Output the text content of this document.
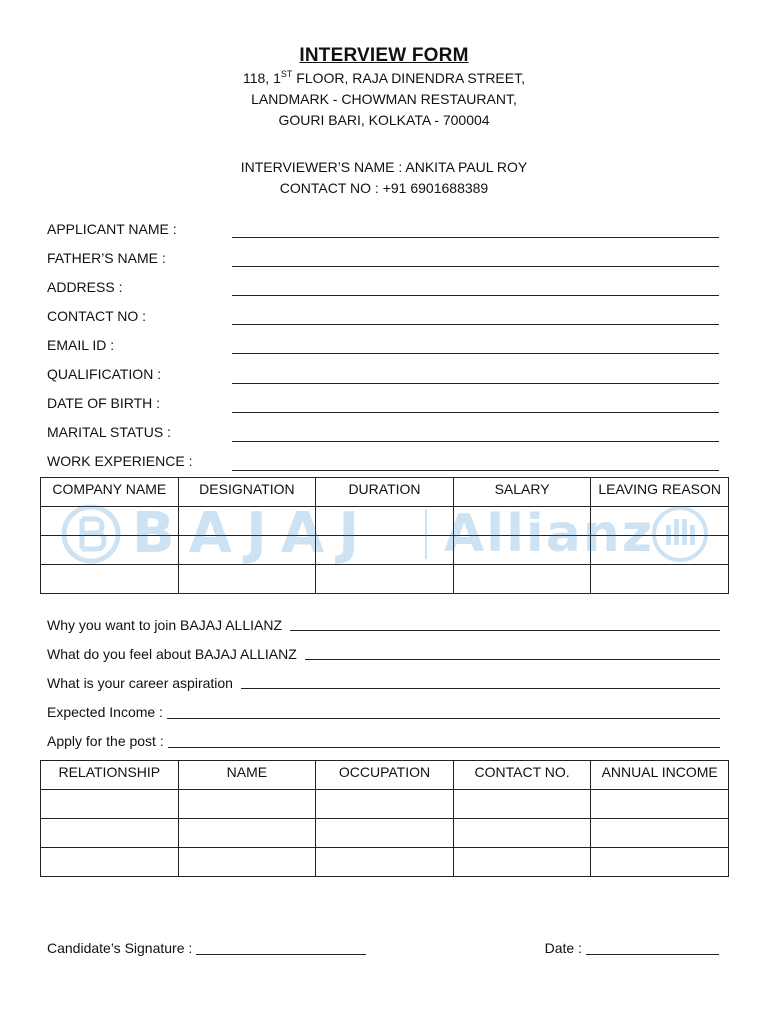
INTERVIEW FORM
118, 1ST FLOOR, RAJA DINENDRA STREET,
LANDMARK - CHOWMAN RESTAURANT,
GOURI BARI, KOLKATA - 700004
INTERVIEWER’S NAME : ANKITA PAUL ROY
CONTACT NO : +91 6901688389
APPLICANT NAME :
FATHER’S NAME :
ADDRESS :
CONTACT NO :
EMAIL ID :
QUALIFICATION :
DATE OF BIRTH :
MARITAL STATUS :
WORK EXPERIENCE :
COMPANY NAME	DESIGNATION	DURATION	SALARY	LEAVING REASON

BAJAJ Allianz
Why you want to join BAJAJ ALLIANZ
What do you feel about BAJAJ ALLIANZ
What is your career aspiration
Expected Income :
Apply for the post :
RELATIONSHIP	NAME	OCCUPATION	CONTACT NO.	ANNUAL INCOME

Candidate’s Signature :	Date :
